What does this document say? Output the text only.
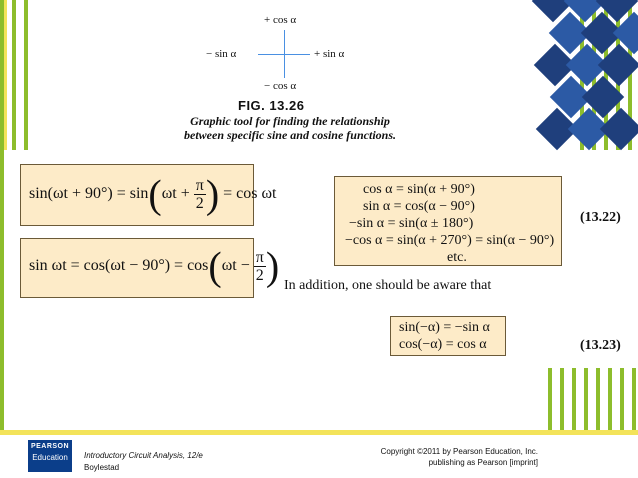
+ cos α
− sin α	+ sin α
− cos α
FIG. 13.26
Graphic tool for finding the relationship between specific sine and cosine functions.
$\sin(\omega t + 90^\circ) = \sin(\omega t + \frac{\pi}{2}$ ) = cos ωt
$\sin \omega t = \cos(\omega t - 90^\circ) = \cos(\omega t - \frac{\pi}{2}$ )
cos α = sin(α + 90°)
sin α = cos(α − 90°)
−sin α = sin(α ± 180°)
−cos α = sin(α + 270°) = sin(α − 90°)
etc.
(13.22)
In addition, one should be aware that
sin(−α) = −sin α
cos(−α) = cos α	(13.23)
PEARSON
Education	Introductory Circuit Analysis, 12/e
Boylestad
Copyright ©2011 by Pearson Education, Inc.
publishing as Pearson [imprint]
